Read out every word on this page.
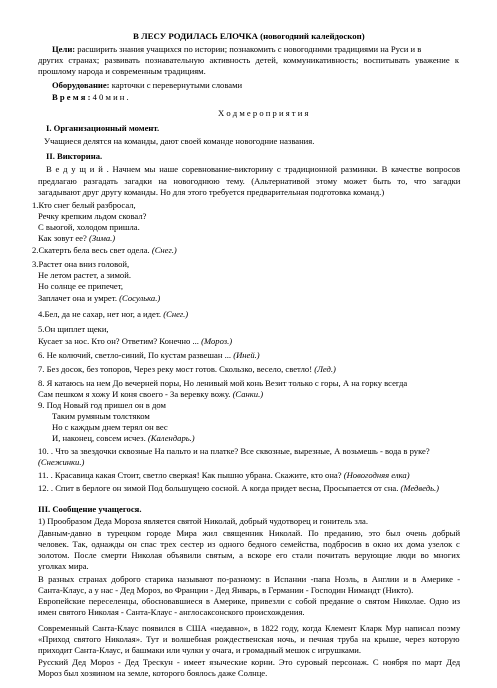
В ЛЕСУ РОДИЛАСЬ ЕЛОЧКА (новогодний калейдоскоп)
Цели: расширить знания учащихся по истории; познакомить с новогодними традициями на Руси и в
других странах; развивать познавательную активность детей, коммуникативность; воспитывать уважение к
прошлому народа и современным традициям.
Оборудование: карточки с перевернутыми словами
В р е м я : 4 0 м и н .
Х о д м е р о п р и я т и я
I. Организационный момент.
Учащиеся делятся на команды, дают своей команде новогодние названия.
II. Викторина.
В е д у щ и й . Начнем мы наше соревнование-викторину с традиционной разминки. В качестве вопросов
предлагаю разгадать загадки на новогоднюю тему. (Альтернативой этому может быть то, что загадки
загадывают друг другу команды. Но для этого требуется предварительная подготовка команд.)
1.Кто снег белый разбросал,
Речку крепким льдом сковал?
С вьюгой, холодом пришла.
Как зовут ее? (Зима.)
2.Скатерть бела весь свет одела. (Снег.)
3.Растет она вниз головой,
Не летом растет, а зимой.
Но солнце ее припечет,
Заплачет она и умрет. (Сосулька.)
4.Бел, да не сахар, нет ног, а идет. (Снег.)
5.Он щиплет щеки,
Кусает за нос. Кто он? Ответим? Конечно ... (Мороз.)
6. Не колючий, светло-синий, По кустам развешан ... (Иней.)
7. Без досок, без топоров, Через реку мост готов. Скользко, весело, светло! (Лед.)
8. Я катаюсь на нем До вечерней поры, Но ленивый мой конь Везит только с горы, А на горку всегда
Сам пешком я хожу И коня своего - За веревку вожу. (Санки.)
9. Под Новый год пришел он в дом
Таким румяным толстяком
Но с каждым днем терял он вес
И, наконец, совсем исчез. (Календарь.)
10. . Что за звездочки сквозные На пальто и на платке? Все сквозные, вырезные, А возьмешь - вода в руке?
(Снежинки.)
11. . Красавица какая Стоит, светло сверкая! Как пышно убрана. Скажите, кто она? (Новогодняя елка)
12. . Спит в берлоге он зимой Под большущею сосной. А когда придет весна, Просыпается от сна. (Медведь.)
III. Сообщение учащегося.
1) Прообразом Деда Мороза является святой Николай, добрый чудотворец и гонитель зла.
Давным-давно в турецком городе Мира жил священник Николай. По преданию, это был очень добрый
человек. Так, однажды он спас трех сестер из одного бедного семейства, подбросив в окно их дома узелок с
золотом. После смерти Николая объявили святым, а вскоре его стали почитать верующие люди во многих
уголках мира.
В разных странах доброго старика называют по-разному: в Испании -папа Ноэль, в Англии и в Америке -
Санта-Клаус, а у нас - Дед Мороз, во Франции - Дед Январь, в Германии - Господин Нимандт (Никто).
Европейские переселенцы, обосновавшиеся в Америке, привезли с собой предание о святом Николае. Одно из
имен святого Николая - Санта-Клаус - англосаксонского происхождения.
Современный Санта-Клаус появился в США «недавно», в 1822 году, когда Клемент Кларк Мур написал поэму
«Приход святого Николая». Тут и волшебная рождественская ночь, и печная труба на крыше, через которую
приходит Санта-Клаус, и башмаки или чулки у очага, и громадный мешок с игрушками.
Русский Дед Мороз - Дед Трескун - имеет языческие корни. Это суровый персонаж. С ноября по март Дед
Мороз был хозяином на земле, которого боялось даже Солнце.
